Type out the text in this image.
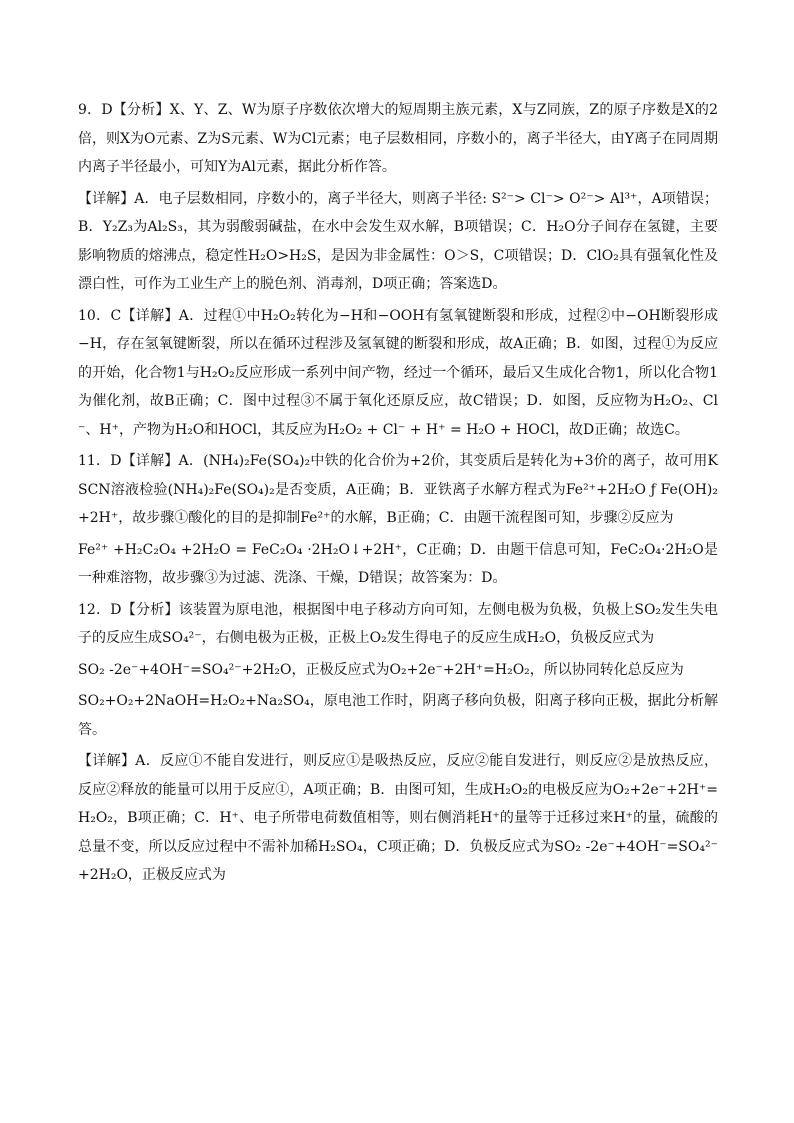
9．D【分析】X、Y、Z、W为原子序数依次增大的短周期主族元素，X与Z同族，Z的原子序数是X的2倍，则X为O元素、Z为S元素、W为Cl元素；电子层数相同，序数小的，离子半径大，由Y离子在同周期内离子半径最小，可知Y为Al元素，据此分析作答。

【详解】A．电子层数相同，序数小的，离子半径大，则离子半径: S²⁻> Cl⁻> O²⁻> Al³⁺，A项错误；B．Y₂Z₃为Al₂S₃，其为弱酸弱碱盐，在水中会发生双水解，B项错误；C．H₂O分子间存在氢键，主要影响物质的熔沸点，稳定性H₂O>H₂S，是因为非金属性：O＞S，C项错误；D．ClO₂具有强氧化性及漂白性，可作为工业生产上的脱色剂、消毒剂，D项正确；答案选D。

10．C【详解】A．过程①中H₂O₂转化为−H和−OOH有氢氧键断裂和形成，过程②中−OH断裂形成−H，存在氢氧键断裂，所以在循环过程涉及氢氧键的断裂和形成，故A正确；B．如图，过程①为反应的开始，化合物1与H₂O₂反应形成一系列中间产物，经过一个循环，最后又生成化合物1，所以化合物1为催化剂，故B正确；C．图中过程③不属于氧化还原反应，故C错误；D．如图，反应物为H₂O₂、Cl⁻、H⁺，产物为H₂O和HOCl，其反应为H₂O₂ + Cl⁻ + H⁺ = H₂O + HOCl，故D正确；故选C。

11．D【详解】A．(NH₄)₂Fe(SO₄)₂中铁的化合价为+2价，其变质后是转化为+3价的离子，故可用KSCN溶液检验(NH₄)₂Fe(SO₄)₂是否变质，A正确；B．亚铁离子水解方程式为Fe²⁺+2H₂O ƒ Fe(OH)₂+2H⁺，故步骤①酸化的目的是抑制Fe²⁺的水解，B正确；C．由题干流程图可知，步骤②反应为

Fe²⁺ +H₂C₂O₄ +2H₂O = FeC₂O₄ ·2H₂O↓+2H⁺，C正确；D．由题干信息可知，FeC₂O₄·2H₂O是一种难溶物，故步骤③为过滤、洗涤、干燥，D错误；故答案为：D。

12．D【分析】该装置为原电池，根据图中电子移动方向可知，左侧电极为负极，负极上SO₂发生失电子的反应生成SO₄²⁻，右侧电极为正极，正极上O₂发生得电子的反应生成H₂O，负极反应式为

SO₂ -2e⁻+4OH⁻=SO₄²⁻+2H₂O，正极反应式为O₂+2e⁻+2H⁺=H₂O₂，所以协同转化总反应为

SO₂+O₂+2NaOH=H₂O₂+Na₂SO₄，原电池工作时，阴离子移向负极，阳离子移向正极，据此分析解答。

【详解】A．反应①不能自发进行，则反应①是吸热反应，反应②能自发进行，则反应②是放热反应，反应②释放的能量可以用于反应①，A项正确；B．由图可知，生成H₂O₂的电极反应为O₂+2e⁻+2H⁺=H₂O₂，B项正确；C．H⁺、电子所带电荷数值相等，则右侧消耗H⁺的量等于迁移过来H⁺的量，硫酸的总量不变，所以反应过程中不需补加稀H₂SO₄，C项正确；D．负极反应式为SO₂ -2e⁻+4OH⁻=SO₄²⁻+2H₂O，正极反应式为
